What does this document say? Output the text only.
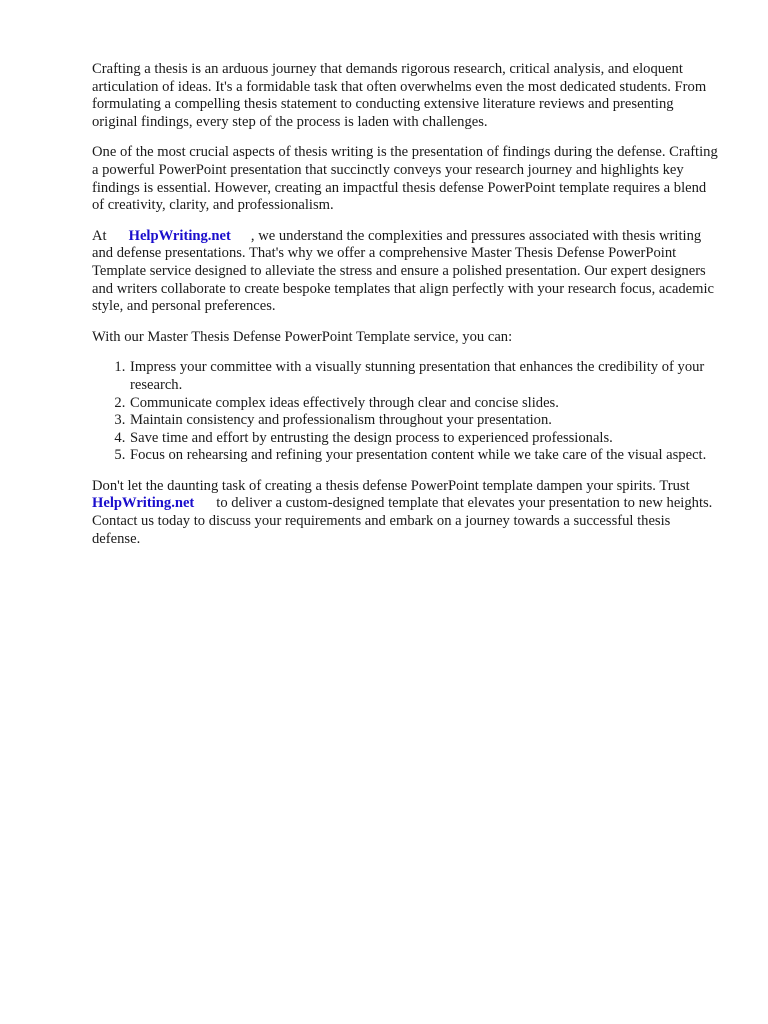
Crafting a thesis is an arduous journey that demands rigorous research, critical analysis, and eloquent articulation of ideas. It's a formidable task that often overwhelms even the most dedicated students. From formulating a compelling thesis statement to conducting extensive literature reviews and presenting original findings, every step of the process is laden with challenges.

One of the most crucial aspects of thesis writing is the presentation of findings during the defense. Crafting a powerful PowerPoint presentation that succinctly conveys your research journey and highlights key findings is essential. However, creating an impactful thesis defense PowerPoint template requires a blend of creativity, clarity, and professionalism.

At HelpWriting.net , we understand the complexities and pressures associated with thesis writing and defense presentations. That's why we offer a comprehensive Master Thesis Defense PowerPoint Template service designed to alleviate the stress and ensure a polished presentation. Our expert designers and writers collaborate to create bespoke templates that align perfectly with your research focus, academic style, and personal preferences.

With our Master Thesis Defense PowerPoint Template service, you can:

1. Impress your committee with a visually stunning presentation that enhances the credibility of your research.
2. Communicate complex ideas effectively through clear and concise slides.
3. Maintain consistency and professionalism throughout your presentation.
4. Save time and effort by entrusting the design process to experienced professionals.
5. Focus on rehearsing and refining your presentation content while we take care of the visual aspect.

Don't let the daunting task of creating a thesis defense PowerPoint template dampen your spirits. TrustHelpWriting.net to deliver a custom-designed template that elevates your presentation to new heights. Contact us today to discuss your requirements and embark on a journey towards a successful thesis defense.
